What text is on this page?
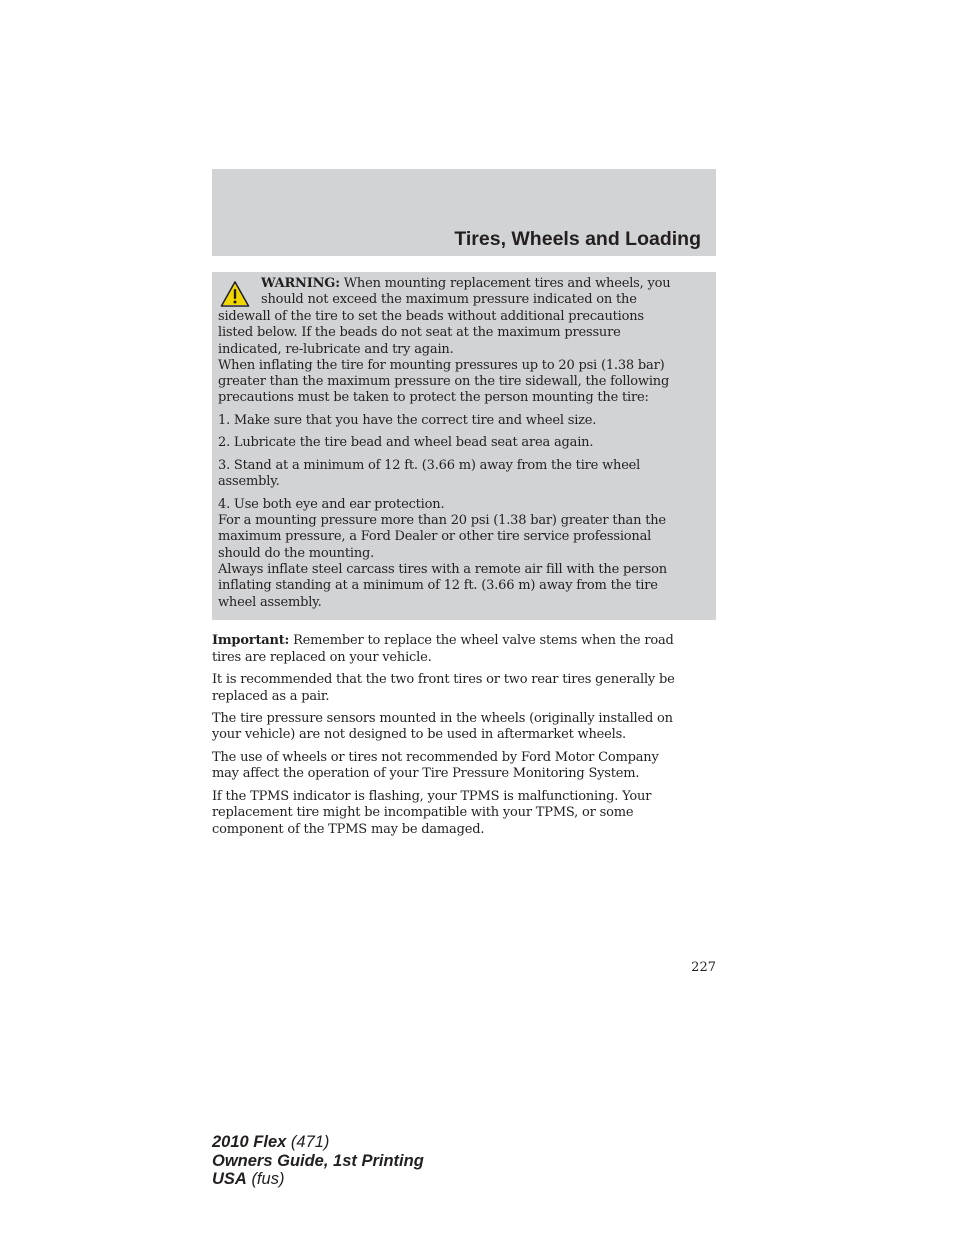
Tires, Wheels and Loading

WARNING: When mounting replacement tires and wheels, you

should not exceed the maximum pressure indicated on the

sidewall of the tire to set the beads without additional precautions

listed below. If the beads do not seat at the maximum pressure

indicated, re-lubricate and try again.

When inflating the tire for mounting pressures up to 20 psi (1.38 bar)

greater than the maximum pressure on the tire sidewall, the following

precautions must be taken to protect the person mounting the tire:

1. Make sure that you have the correct tire and wheel size.

2. Lubricate the tire bead and wheel bead seat area again.

3. Stand at a minimum of 12 ft. (3.66 m) away from the tire wheel

assembly.

4. Use both eye and ear protection.

For a mounting pressure more than 20 psi (1.38 bar) greater than the

maximum pressure, a Ford Dealer or other tire service professional

should do the mounting.

Always inflate steel carcass tires with a remote air fill with the person

inflating standing at a minimum of 12 ft. (3.66 m) away from the tire

wheel assembly.

Important: Remember to replace the wheel valve stems when the road

tires are replaced on your vehicle.

It is recommended that the two front tires or two rear tires generally be

replaced as a pair.

The tire pressure sensors mounted in the wheels (originally installed on

your vehicle) are not designed to be used in aftermarket wheels.

The use of wheels or tires not recommended by Ford Motor Company

may affect the operation of your Tire Pressure Monitoring System.

If the TPMS indicator is flashing, your TPMS is malfunctioning. Your

replacement tire might be incompatible with your TPMS, or some

component of the TPMS may be damaged.

227
2010 Flex (471)
Owners Guide, 1st Printing
USA (fus)
